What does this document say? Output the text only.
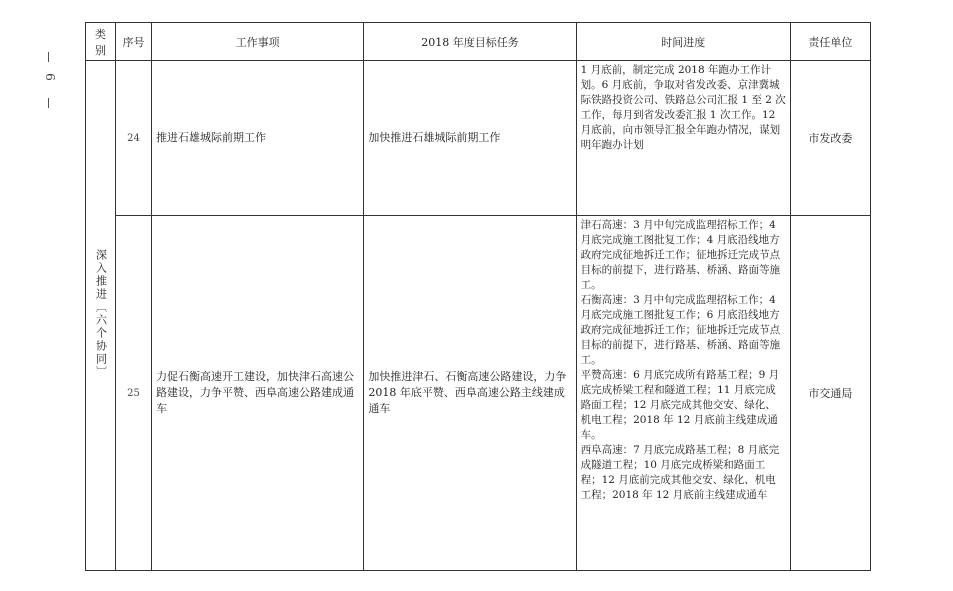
6
类别	序号	工作事项	2018 年度目标任务	时间进度	责任单位
深入推进〔六个协同〕	24	推进石雄城际前期工作	加快推进石雄城际前期工作	1 月底前，制定完成 2018 年跑办工作计划。6 月底前，争取对省发改委、京津冀城际铁路投资公司、铁路总公司汇报 1 至 2 次工作，每月到省发改委汇报 1 次工作。12 月底前，向市领导汇报全年跑办情况，谋划明年跑办计划	市发改委
	25	力促石衡高速开工建设，加快津石高速公路建设，力争平赞、西阜高速公路建成通车	加快推进津石、石衡高速公路建设，力争 2018 年底平赞、西阜高速公路主线建成通车	津石高速：3 月中旬完成监理招标工作；4 月底完成施工图批复工作；4 月底沿线地方政府完成征地拆迁工作；征地拆迁完成节点目标的前提下，进行路基、桥涵、路面等施工。

石衡高速：3 月中旬完成监理招标工作；4 月底完成施工图批复工作；6 月底沿线地方政府完成征地拆迁工作；征地拆迁完成节点目标的前提下，进行路基、桥涵、路面等施工。

平赞高速：6 月底完成所有路基工程；9 月底完成桥梁工程和隧道工程；11 月底完成路面工程；12 月底完成其他交安、绿化、机电工程；2018 年 12 月底前主线建成通车。

西阜高速：7 月底完成路基工程；8 月底完成隧道工程；10 月底完成桥梁和路面工程；12 月底前完成其他交安、绿化、机电工程；2018 年 12 月底前主线建成通车	市交通局
